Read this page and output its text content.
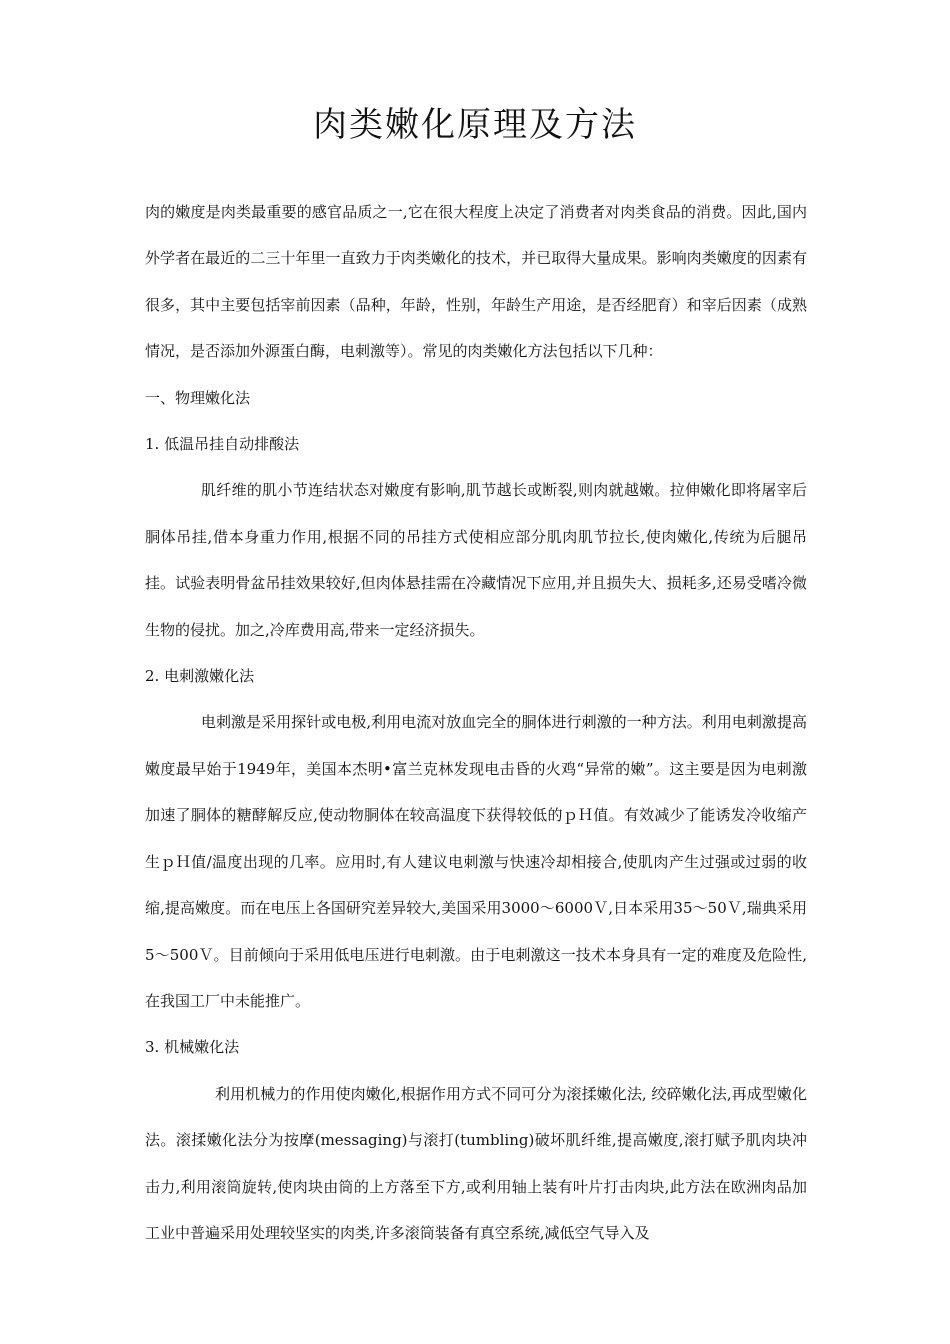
肉类嫩化原理及方法

肉的嫩度是肉类最重要的感官品质之一,它在很大程度上决定了消费者对肉类食品的消费。因此,国内外学者在最近的二三十年里一直致力于肉类嫩化的技术，并已取得大量成果。影响肉类嫩度的因素有很多，其中主要包括宰前因素（品种，年龄，性别，年龄生产用途，是否经肥育）和宰后因素（成熟情况，是否添加外源蛋白酶，电刺激等）。常见的肉类嫩化方法包括以下几种：

一、物理嫩化法

1. 低温吊挂自动排酸法

肌纤维的肌小节连结状态对嫩度有影响,肌节越长或断裂,则肉就越嫩。拉伸嫩化即将屠宰后胴体吊挂,借本身重力作用,根据不同的吊挂方式使相应部分肌肉肌节拉长,使肉嫩化,传统为后腿吊挂。试验表明骨盆吊挂效果较好,但肉体悬挂需在冷藏情况下应用,并且损失大、损耗多,还易受嗜冷微生物的侵扰。加之,冷库费用高,带来一定经济损失。

2. 电刺激嫩化法

电刺激是采用探针或电极,利用电流对放血完全的胴体进行刺激的一种方法。利用电刺激提高嫩度最早始于1949年，美国本杰明•富兰克林发现电击昏的火鸡“异常的嫩”。这主要是因为电刺激加速了胴体的糖酵解反应,使动物胴体在较高温度下获得较低的ｐＨ值。有效减少了能诱发冷收缩产生ｐＨ值/温度出现的几率。应用时,有人建议电刺激与快速冷却相接合,使肌肉产生过强或过弱的收缩,提高嫩度。而在电压上各国研究差异较大,美国采用3000～6000Ｖ,日本采用35～50Ｖ,瑞典采用5～500Ｖ。目前倾向于采用低电压进行电刺激。由于电刺激这一技术本身具有一定的难度及危险性,在我国工厂中未能推广。

3. 机械嫩化法

利用机械力的作用使肉嫩化,根据作用方式不同可分为滚揉嫩化法, 绞碎嫩化法,再成型嫩化法。滚揉嫩化法分为按摩(messaging)与滚打(tumbling)破坏肌纤维,提高嫩度,滚打赋予肌肉块冲击力,利用滚筒旋转,使肉块由筒的上方落至下方,或利用轴上装有叶片打击肉块,此方法在欧洲肉品加工业中普遍采用处理较坚实的肉类,许多滚筒装备有真空系统,减低空气导入及
